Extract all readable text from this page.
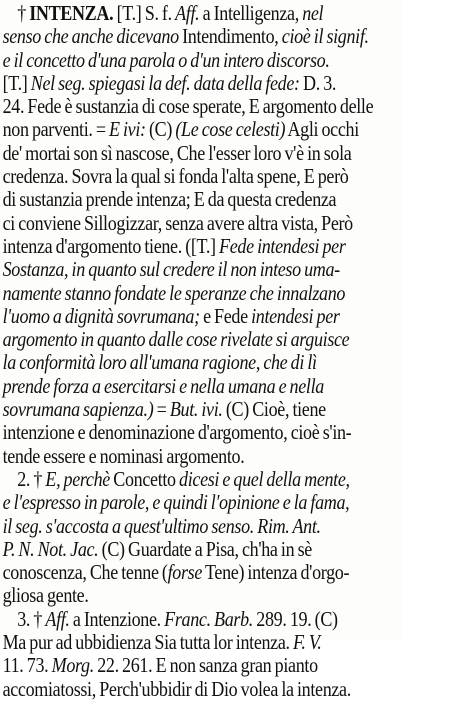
† INTENZA. [T.] S. f. Aff. a Intelligenza, nel
senso che anche dicevano Intendimento, cioè il signif.
e il concetto d'una parola o d'un intero discorso.
[T.] Nel seg. spiegasi la def. data della fede: D. 3.
24. Fede è sustanzia di cose sperate, E argomento delle
non parventi. = E ivi: (C) (Le cose celesti) Agli occhi
de' mortai son sì nascose, Che l'esser loro v'è in sola
credenza. Sovra la qual si fonda l'alta spene, E però
di sustanzia prende intenza; E da questa credenza
ci conviene Sillogizzar, senza avere altra vista, Però
intenza d'argomento tiene. ([T.] Fede intendesi per
Sostanza, in quanto sul credere il non inteso uma-
namente stanno fondate le speranze che innalzano
l'uomo a dignità sovrumana; e Fede intendesi per
argomento in quanto dalle cose rivelate si arguisce
la conformità loro all'umana ragione, che di lì
prende forza a esercitarsi e nella umana e nella
sovrumana sapienza.) = But. ivi. (C) Cioè, tiene
intenzione e denominazione d'argomento, cioè s'in-
tende essere e nominasi argomento.
2. † E, perchè Concetto dicesi e quel della mente,
e l'espresso in parole, e quindi l'opinione e la fama,
il seg. s'accosta a quest'ultimo senso. Rim. Ant.
P. N. Not. Jac. (C) Guardate a Pisa, ch'ha in sè
conoscenza, Che tenne (forse Tene) intenza d'orgo-
gliosa gente.
3. † Aff. a Intenzione. Franc. Barb. 289. 19. (C)
Ma pur ad ubbidienza Sia tutta lor intenza. F. V.
11. 73. Morg. 22. 261. E non sanza gran pianto
accomiatossi, Perch'ubbidir di Dio volea la intenza.
